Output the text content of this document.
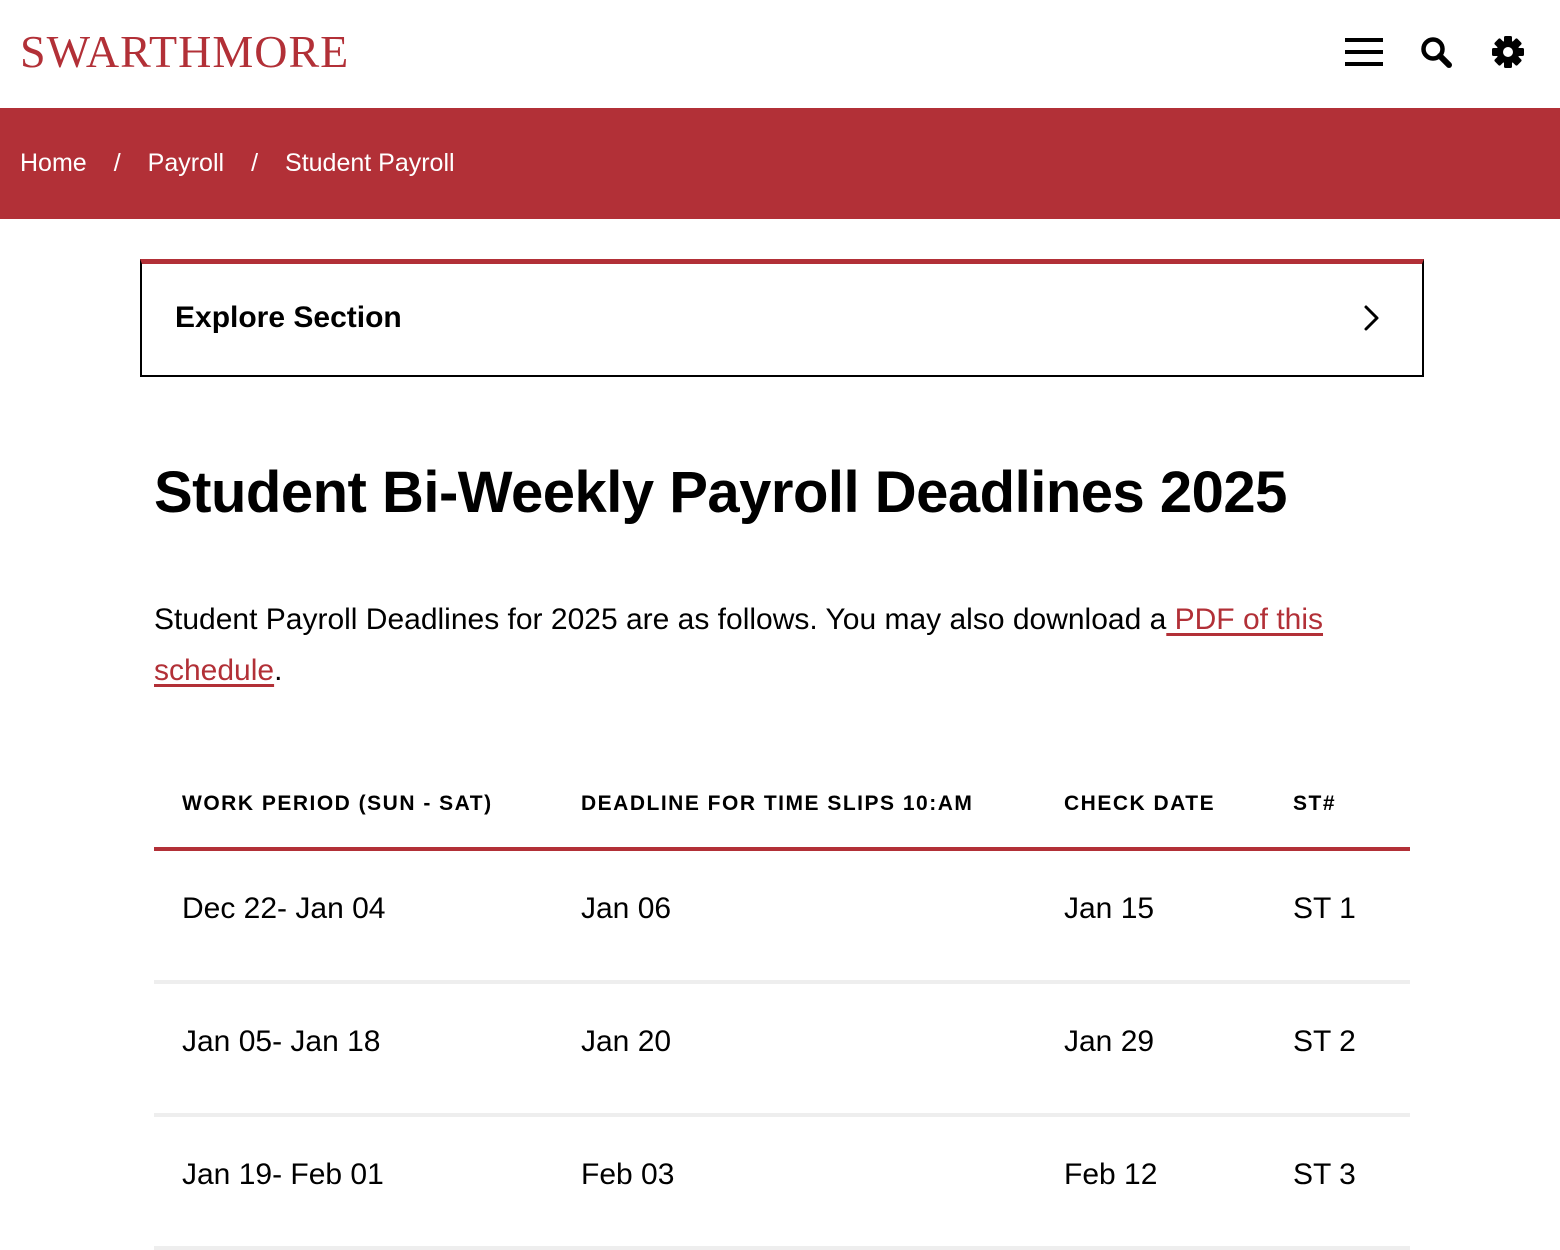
SWARTHMORE
Home / Payroll / Student Payroll
Explore Section
Student Bi-Weekly Payroll Deadlines 2025

Student Payroll Deadlines for 2025 are as follows. You may also download a PDF of this schedule.

WORK PERIOD (SUN - SAT)	DEADLINE FOR TIME SLIPS 10:AM	CHECK DATE	ST#
Dec 22- Jan 04	Jan 06	Jan 15	ST 1
Jan 05- Jan 18	Jan 20	Jan 29	ST 2
Jan 19- Feb 01	Feb 03	Feb 12	ST 3
